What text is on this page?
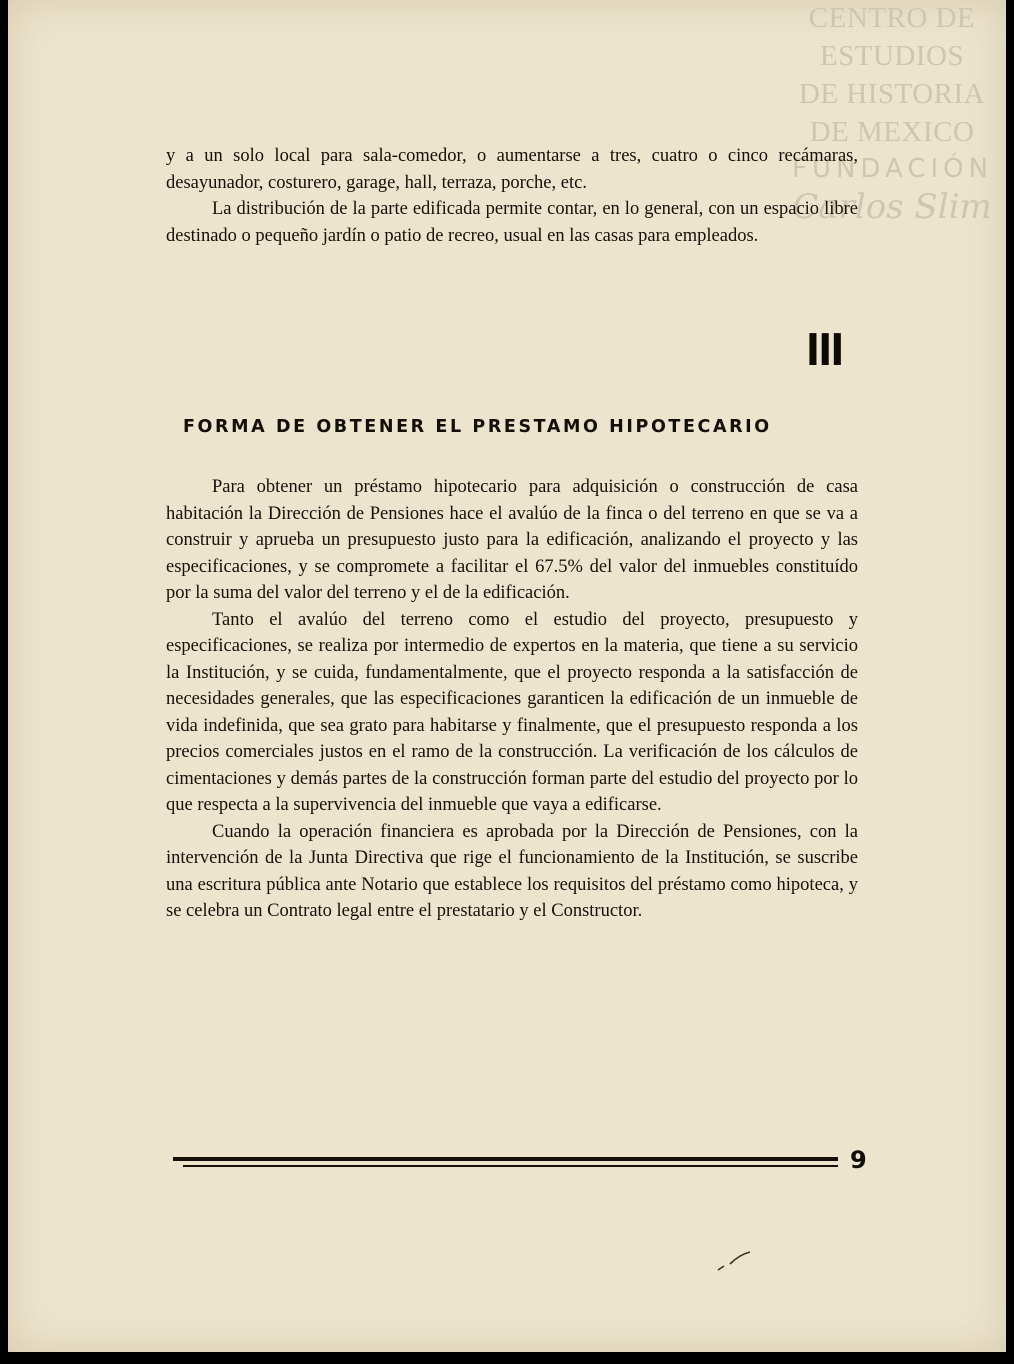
CENTRO DE
ESTUDIOS
DE HISTORIA
DE MEXICO
FUNDACIÓN
Carlos Slim

y a un solo local para sala-comedor, o aumentarse a tres, cuatro o cinco recámaras, desayunador, costurero, garage, hall, terraza, porche, etc.

La distribución de la parte edificada permite contar, en lo general, con un espacio libre destinado o pequeño jardín o patio de recreo, usual en las casas para empleados.

III
FORMA DE OBTENER EL PRESTAMO HIPOTECARIO

Para obtener un préstamo hipotecario para adquisición o construcción de casa habitación la Dirección de Pensiones hace el avalúo de la finca o del terreno en que se va a construir y aprueba un presupuesto justo para la edificación, analizando el proyecto y las especificaciones, y se compromete a facilitar el 67.5% del valor del inmuebles constituído por la suma del valor del terreno y el de la edificación.

Tanto el avalúo del terreno como el estudio del proyecto, presupuesto y especificaciones, se realiza por intermedio de expertos en la materia, que tiene a su servicio la Institución, y se cuida, fundamentalmente, que el proyecto responda a la satisfacción de necesidades generales, que las especificaciones garanticen la edificación de un inmueble de vida indefinida, que sea grato para habitarse y finalmente, que el presupuesto responda a los precios comerciales justos en el ramo de la construcción. La verificación de los cálculos de cimentaciones y demás partes de la construcción forman parte del estudio del proyecto por lo que respecta a la supervivencia del inmueble que vaya a edificarse.

Cuando la operación financiera es aprobada por la Dirección de Pensiones, con la intervención de la Junta Directiva que rige el funcionamiento de la Institución, se suscribe una escritura pública ante Notario que establece los requisitos del préstamo como hipoteca, y se celebra un Contrato legal entre el prestatario y el Constructor.

9
